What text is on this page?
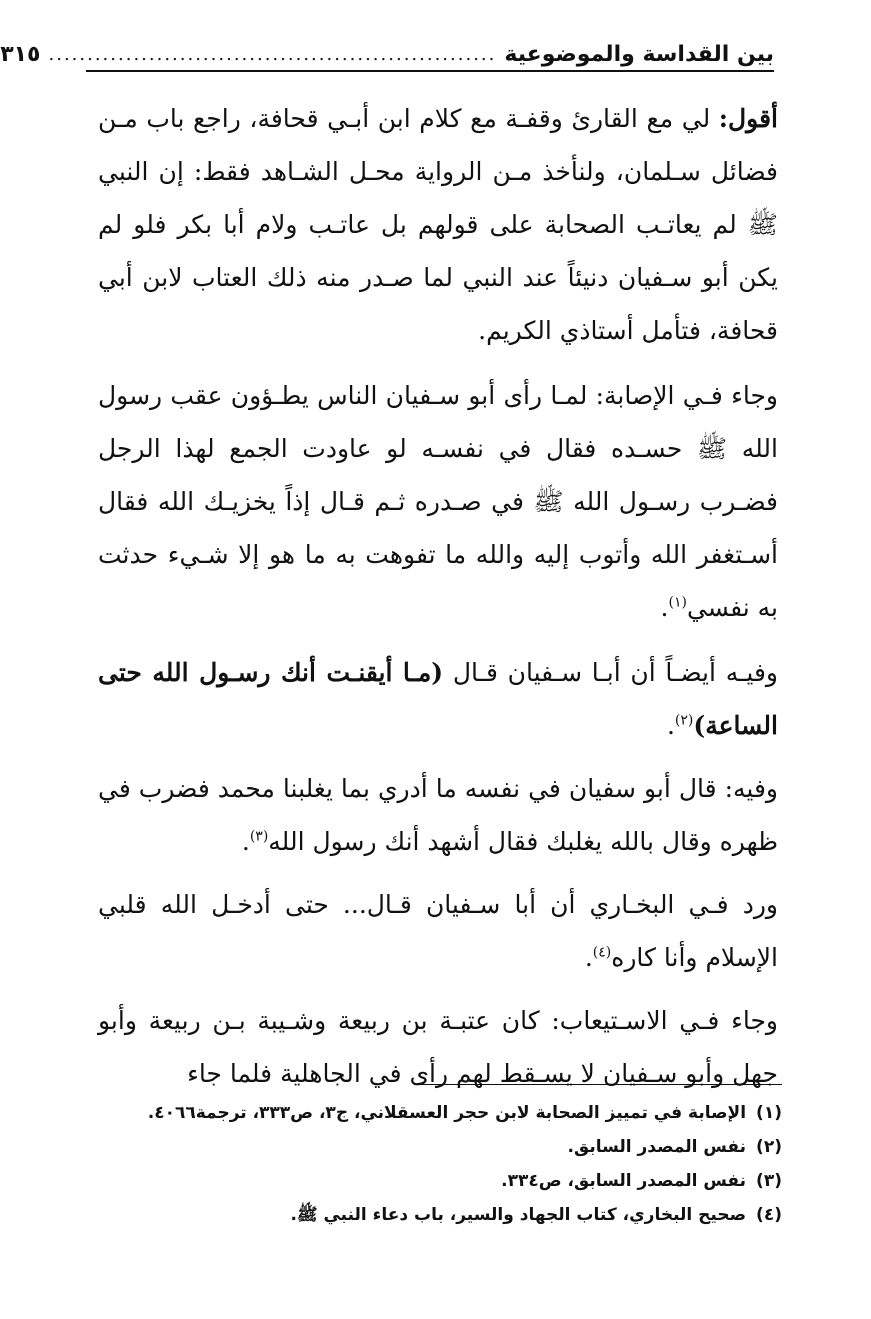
بين القداسة والموضوعية
..........................................................
٣١٥

أقول: لي مع القارئ وقفـة مع كلام ابن أبـي قحافة، راجع باب مـن فضائل سـلمان، ولنأخذ مـن الرواية محـل الشـاهد فقط: إن النبي ﷺ لم يعاتـب الصحابة على قولهم بل عاتـب ولام أبا بكر فلو لم يكن أبو سـفيان دنيئاً عند النبي لما صـدر منه ذلك العتاب لابن أبي قحافة، فتأمل أستاذي الكريم.

وجاء فـي الإصابة: لمـا رأى أبو سـفيان الناس يطـؤون عقب رسول الله ﷺ حسـده فقال في نفسـه لو عاودت الجمع لهذا الرجل فضـرب رسـول الله ﷺ في صـدره ثـم قـال إذاً يخزيـك الله فقال أسـتغفر الله وأتوب إليه والله ما تفوهت به ما هو إلا شـيء حدثت به نفسي$^{(١)}$.

وفيـه أيضـاً أن أبـا سـفيان قـال (مـا أيقنـت أنك رسـول الله حتى الساعة)$^{(٢)}$.

وفيه: قال أبو سفيان في نفسه ما أدري بما يغلبنا محمد فضرب في ظهره وقال بالله يغلبك فقال أشهد أنك رسول الله$^{(٣)}$.

ورد فـي البخـاري أن أبا سـفيان قـال... حتى أدخـل الله قلبي الإسلام وأنا كاره$^{(٤)}$.

وجاء فـي الاسـتيعاب: كان عتبـة بن ربيعة وشـيبة بـن ربيعة وأبو جهل وأبو سـفيان لا يسـقط لهم رأى في الجاهلية فلما جاء

(١)
الإصابة في تمييز الصحابة لابن حجر العسقلاني، ج٣، ص٣٣٣، ترجمة٤٠٦٦.
(٢)
نفس المصدر السابق.
(٣)
نفس المصدر السابق، ص٣٣٤.
(٤)
صحيح البخاري، كتاب الجهاد والسير، باب دعاء النبي ﷺ.
